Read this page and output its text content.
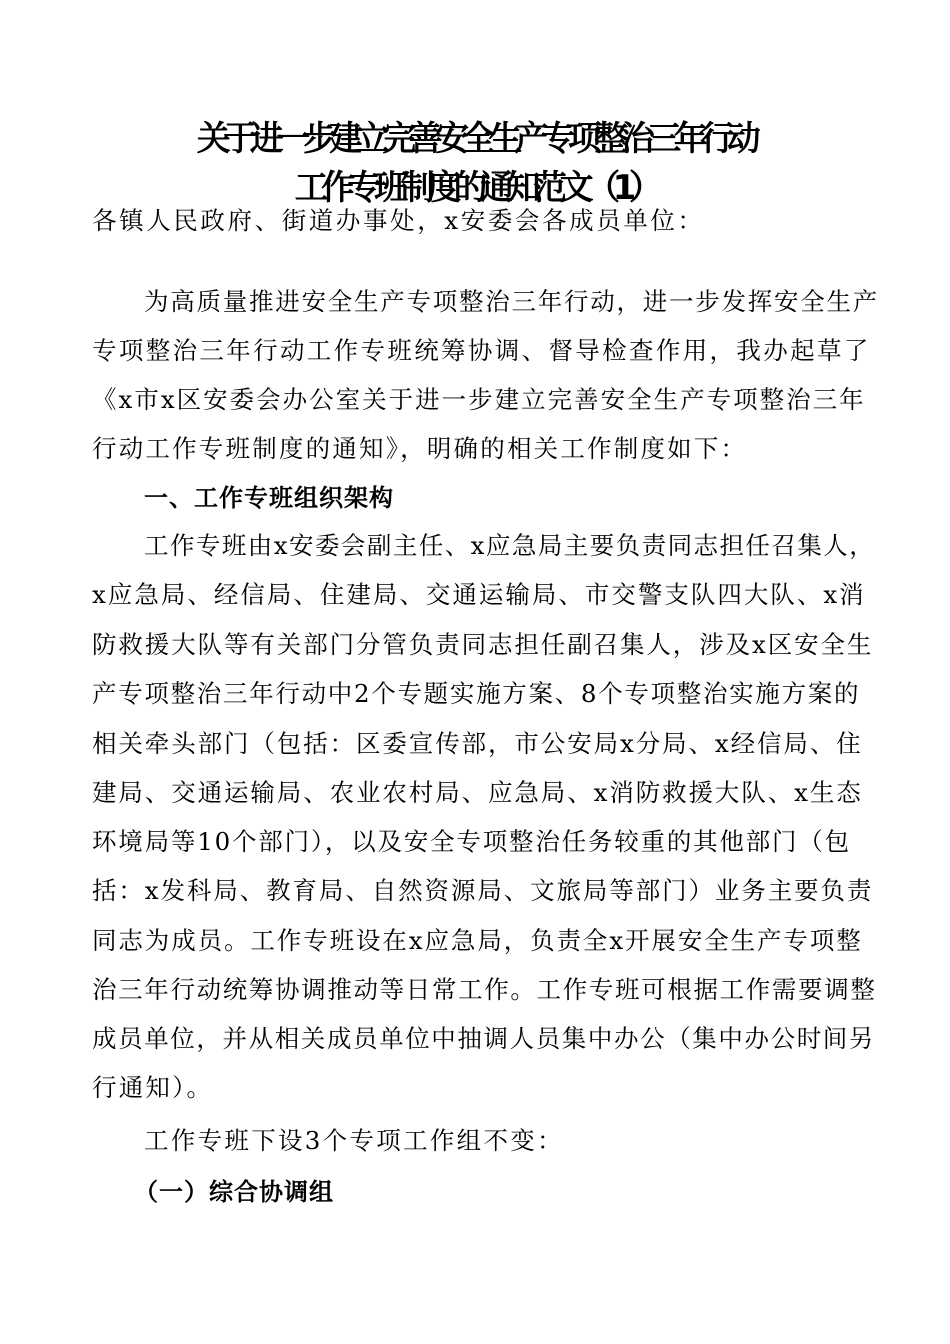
关于进一步建立完善安全生产专项整治三年行动
工作专班制度的通知范文（1）
各镇人民政府、街道办事处，x安委会各成员单位：
为高质量推进安全生产专项整治三年行动，进一步发挥安全生产
专项整治三年行动工作专班统筹协调、督导检查作用，我办起草了
《x市x区安委会办公室关于进一步建立完善安全生产专项整治三年
行动工作专班制度的通知》，明确的相关工作制度如下：
一、工作专班组织架构
工作专班由x安委会副主任、x应急局主要负责同志担任召集人，
x应急局、经信局、住建局、交通运输局、市交警支队四大队、x消
防救援大队等有关部门分管负责同志担任副召集人，涉及x区安全生
产专项整治三年行动中2个专题实施方案、8个专项整治实施方案的
相关牵头部门（包括：区委宣传部，市公安局x分局、x经信局、住
建局、交通运输局、农业农村局、应急局、x消防救援大队、x生态
环境局等10个部门），以及安全专项整治任务较重的其他部门（包
括：x发科局、教育局、自然资源局、文旅局等部门）业务主要负责
同志为成员。工作专班设在x应急局，负责全x开展安全生产专项整
治三年行动统筹协调推动等日常工作。工作专班可根据工作需要调整
成员单位，并从相关成员单位中抽调人员集中办公（集中办公时间另
行通知）。
工作专班下设3个专项工作组不变：
（一）综合协调组
